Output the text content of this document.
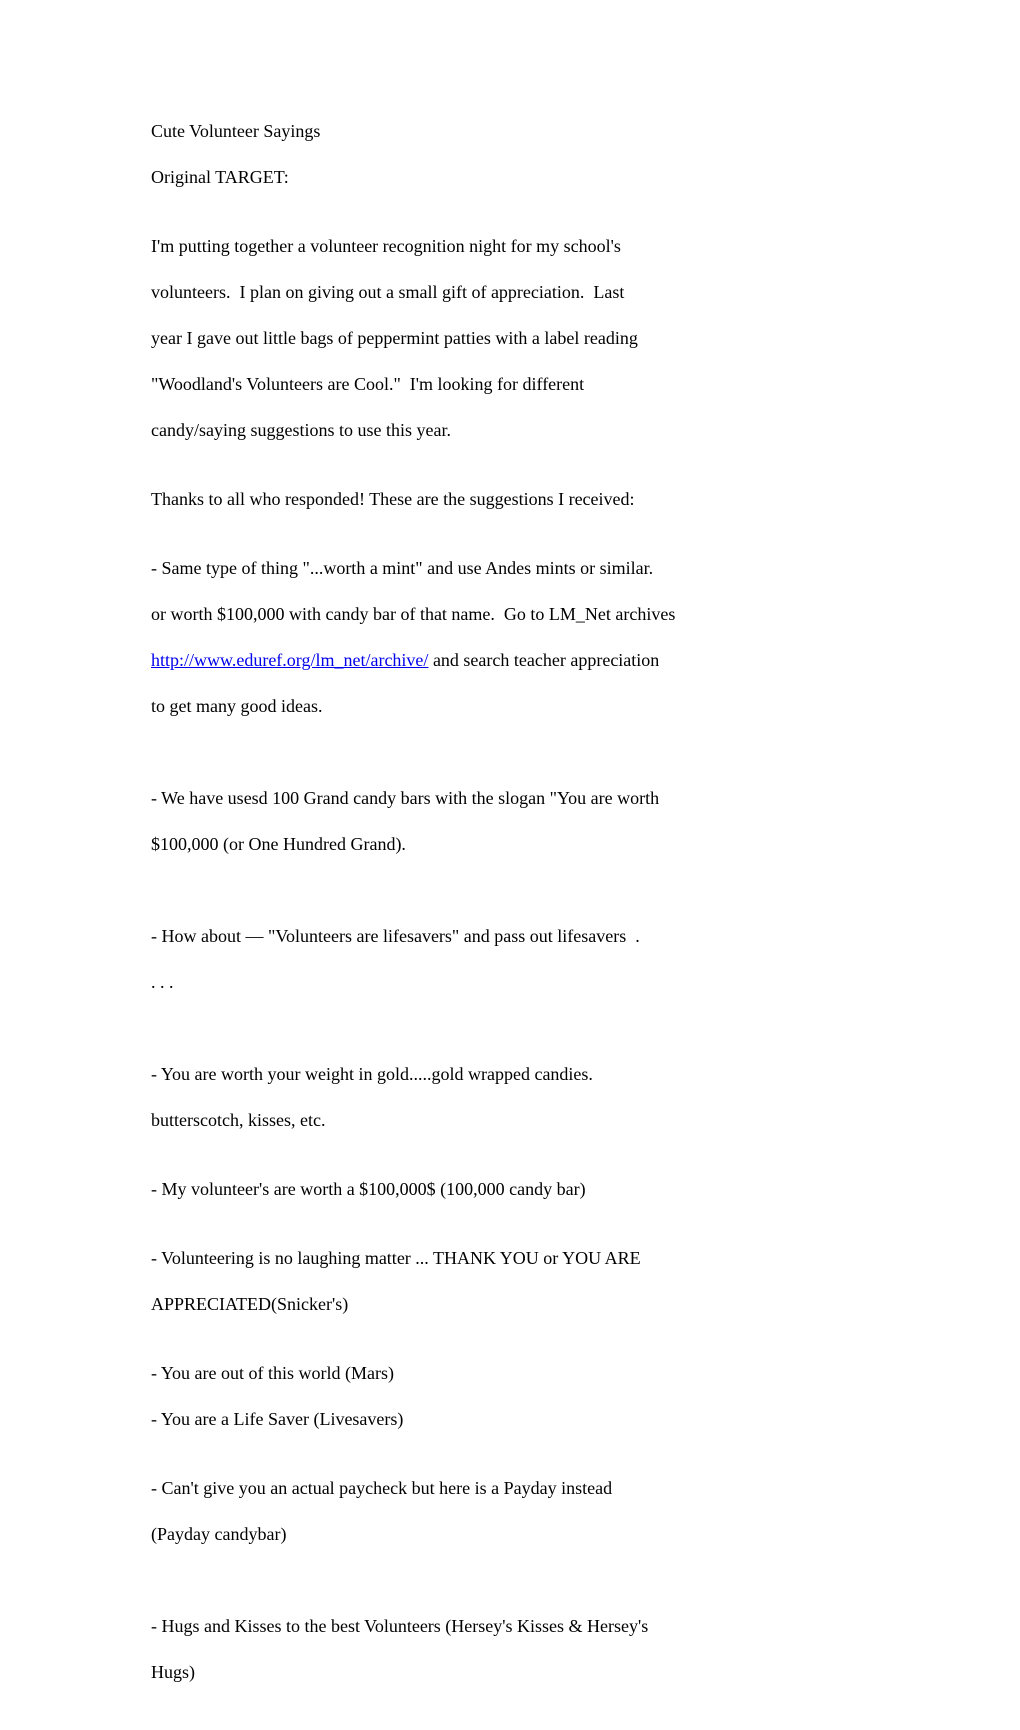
Cute Volunteer Sayings

Original TARGET:

I'm putting together a volunteer recognition night for my school's

volunteers.  I plan on giving out a small gift of appreciation.  Last

year I gave out little bags of peppermint patties with a label reading

"Woodland's Volunteers are Cool."  I'm looking for different

candy/saying suggestions to use this year.

Thanks to all who responded! These are the suggestions I received:

- Same type of thing "...worth a mint" and use Andes mints or similar.

or worth $100,000 with candy bar of that name.  Go to LM_Net archives

http://www.eduref.org/lm_net/archive/ and search teacher appreciation

to get many good ideas.

- We have usesd 100 Grand candy bars with the slogan "You are worth

$100,000 (or One Hundred Grand).

- How about — "Volunteers are lifesavers" and pass out lifesavers  .

. . .

- You are worth your weight in gold.....gold wrapped candies.

butterscotch, kisses, etc.

- My volunteer's are worth a $100,000$ (100,000 candy bar)

- Volunteering is no laughing matter ... THANK YOU or YOU ARE

APPRECIATED(Snicker's)

- You are out of this world (Mars)

- You are a Life Saver (Livesavers)

- Can't give you an actual paycheck but here is a Payday instead

(Payday candybar)

- Hugs and Kisses to the best Volunteers (Hersey's Kisses & Hersey's

Hugs)
